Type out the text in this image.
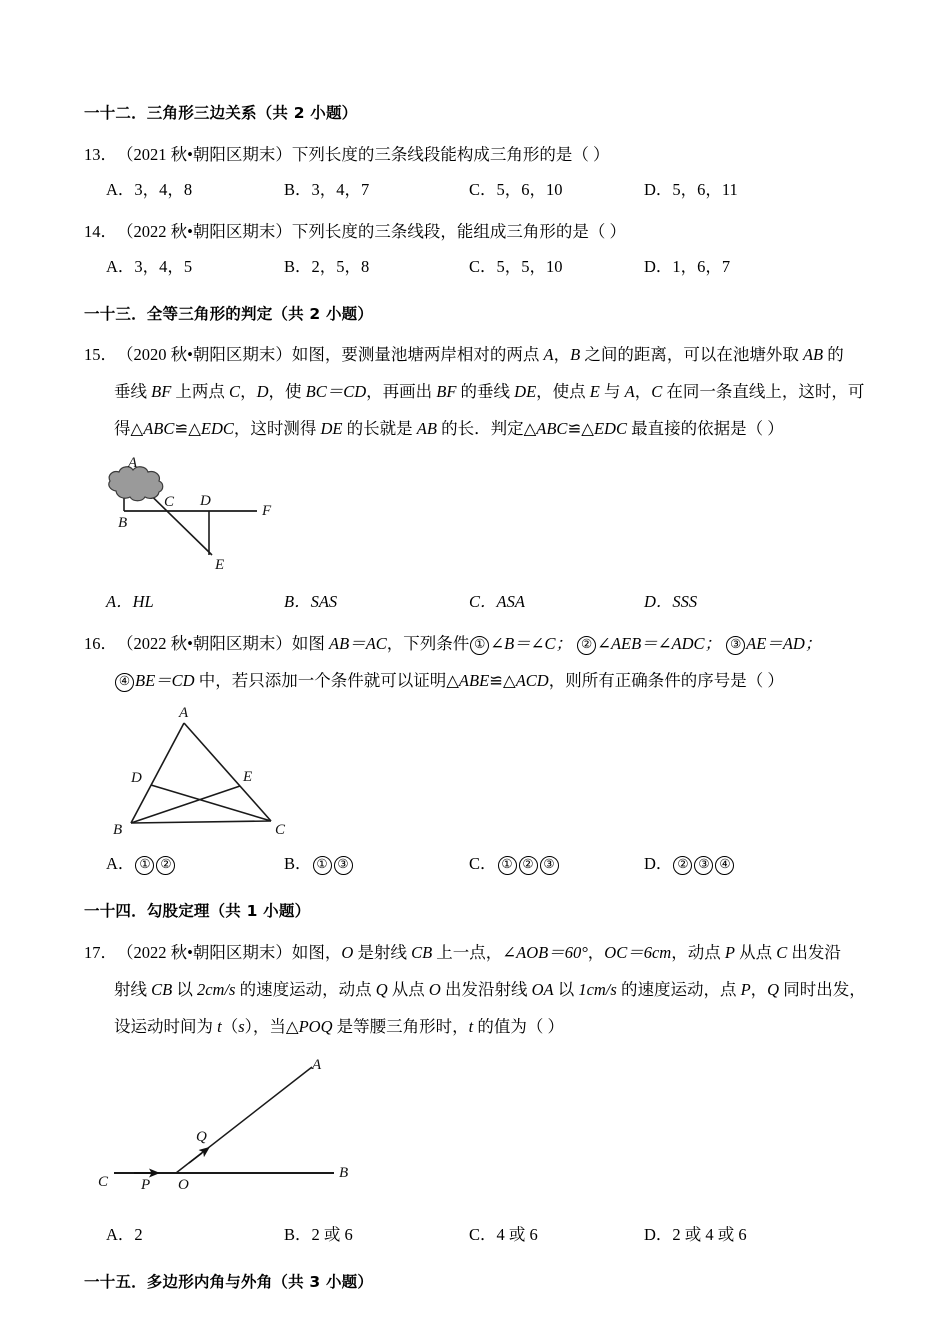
一十二．三角形三边关系（共 2 小题）
13．（2021 秋•朝阳区期末）下列长度的三条线段能构成三角形的是（ ）
A．3，4，8	B．3，4，7	C．5，6，10	D．5，6，11
14．（2022 秋•朝阳区期末）下列长度的三条线段，能组成三角形的是（ ）
A．3，4，5	B．2，5，8	C．5，5，10	D．1，6，7
一十三．全等三角形的判定（共 2 小题）
15．（2020 秋•朝阳区期末）如图，要测量池塘两岸相对的两点 A，B 之间的距离，可以在池塘外取 AB 的
垂线 BF 上两点 C，D，使 BC＝CD，再画出 BF 的垂线 DE，使点 E 与 A，C 在同一条直线上，这时，可
得△ABC≌△EDC，这时测得 DE 的长就是 AB 的长．判定△ABC≌△EDC 最直接的依据是（ ）
A
B
C D
F
E
A．HL	B．SAS	C．ASA	D．SSS
16．（2022 秋•朝阳区期末）如图 AB＝AC，下列条件 ① ∠B＝∠C； ② ∠AEB＝∠ADC； ③ AE＝AD；
④ BE＝CD 中，若只添加一个条件就可以证明△ABE≌△ACD，则所有正确条件的序号是（ ）
A
B	C
D	E
A． ① ②	B． ① ③	C． ① ② ③	D． ② ③ ④
一十四．勾股定理（共 1 小题）
17．（2022 秋•朝阳区期末）如图，O 是射线 CB 上一点，∠AOB＝60°，OC＝6cm，动点 P 从点 C 出发沿
射线 CB 以 2cm/s 的速度运动，动点 Q 从点 O 出发沿射线 OA 以 1cm/s 的速度运动，点 P，Q 同时出发，
设运动时间为 t（s），当△POQ 是等腰三角形时，t 的值为（ ）
A
B
C	O
P
Q
A．2	B．2 或 6	C．4 或 6	D．2 或 4 或 6
一十五．多边形内角与外角（共 3 小题）
